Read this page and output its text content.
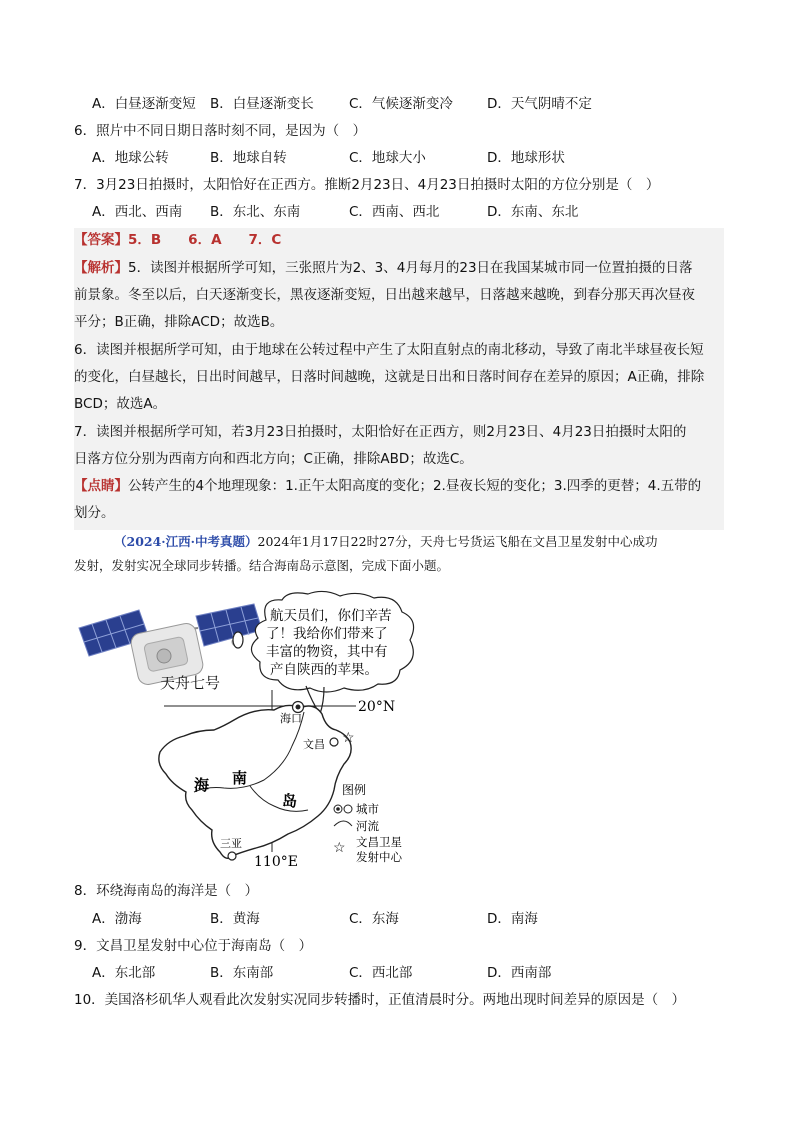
A．白昼逐渐变短 B．白昼逐渐变长	C．气候逐渐变冷	D．天气阴晴不定
6．照片中不同日期日落时刻不同，是因为（　）
A．地球公转	B．地球自转	C．地球大小	D．地球形状
7．3月23日拍摄时，太阳恰好在正西方。推断2月23日、4月23日拍摄时太阳的方位分别是（　）
A．西北、西南 B．东北、东南	C．西南、西北	D．东南、东北
【答案】5．B　　6．A　　7．C
【解析】5．读图并根据所学可知，三张照片为2、3、4月每月的23日在我国某城市同一位置拍摄的日落
前景象。冬至以后，白天逐渐变长，黑夜逐渐变短，日出越来越早，日落越来越晚，到春分那天再次昼夜
平分；B正确，排除ACD；故选B。
6．读图并根据所学可知，由于地球在公转过程中产生了太阳直射点的南北移动，导致了南北半球昼夜长短
的变化，白昼越长，日出时间越早，日落时间越晚，这就是日出和日落时间存在差异的原因；A正确，排除
BCD；故选A。
7．读图并根据所学可知，若3月23日拍摄时，太阳恰好在正西方，则2月23日、4月23日拍摄时太阳的
日落方位分别为西南方向和西北方向；C正确，排除ABD；故选C。
【点睛】公转产生的4个地理现象：1.正午太阳高度的变化；2.昼夜长短的变化；3.四季的更替；4.五带的
划分。
（2024·江西·中考真题）2024年1月17日22时27分，天舟七号货运飞船在文昌卫星发射中心成功
发射，发射实况全球同步转播。结合海南岛示意图，完成下面小题。
天舟七号
航天员们，你们辛苦
了！我给你们带来了
丰富的物资，其中有
产自陕西的苹果。
20°N
110°E
海 南
岛
海口
文昌 ☆
三亚
图例
城市
河流
☆ 文昌卫星
发射中心
8．环绕海南岛的海洋是（　）
A．渤海	B．黄海	C．东海	D．南海
9．文昌卫星发射中心位于海南岛（　）
A．东北部	B．东南部	C．西北部	D．西南部
10．美国洛杉矶华人观看此次发射实况同步转播时，正值清晨时分。两地出现时间差异的原因是（　）
